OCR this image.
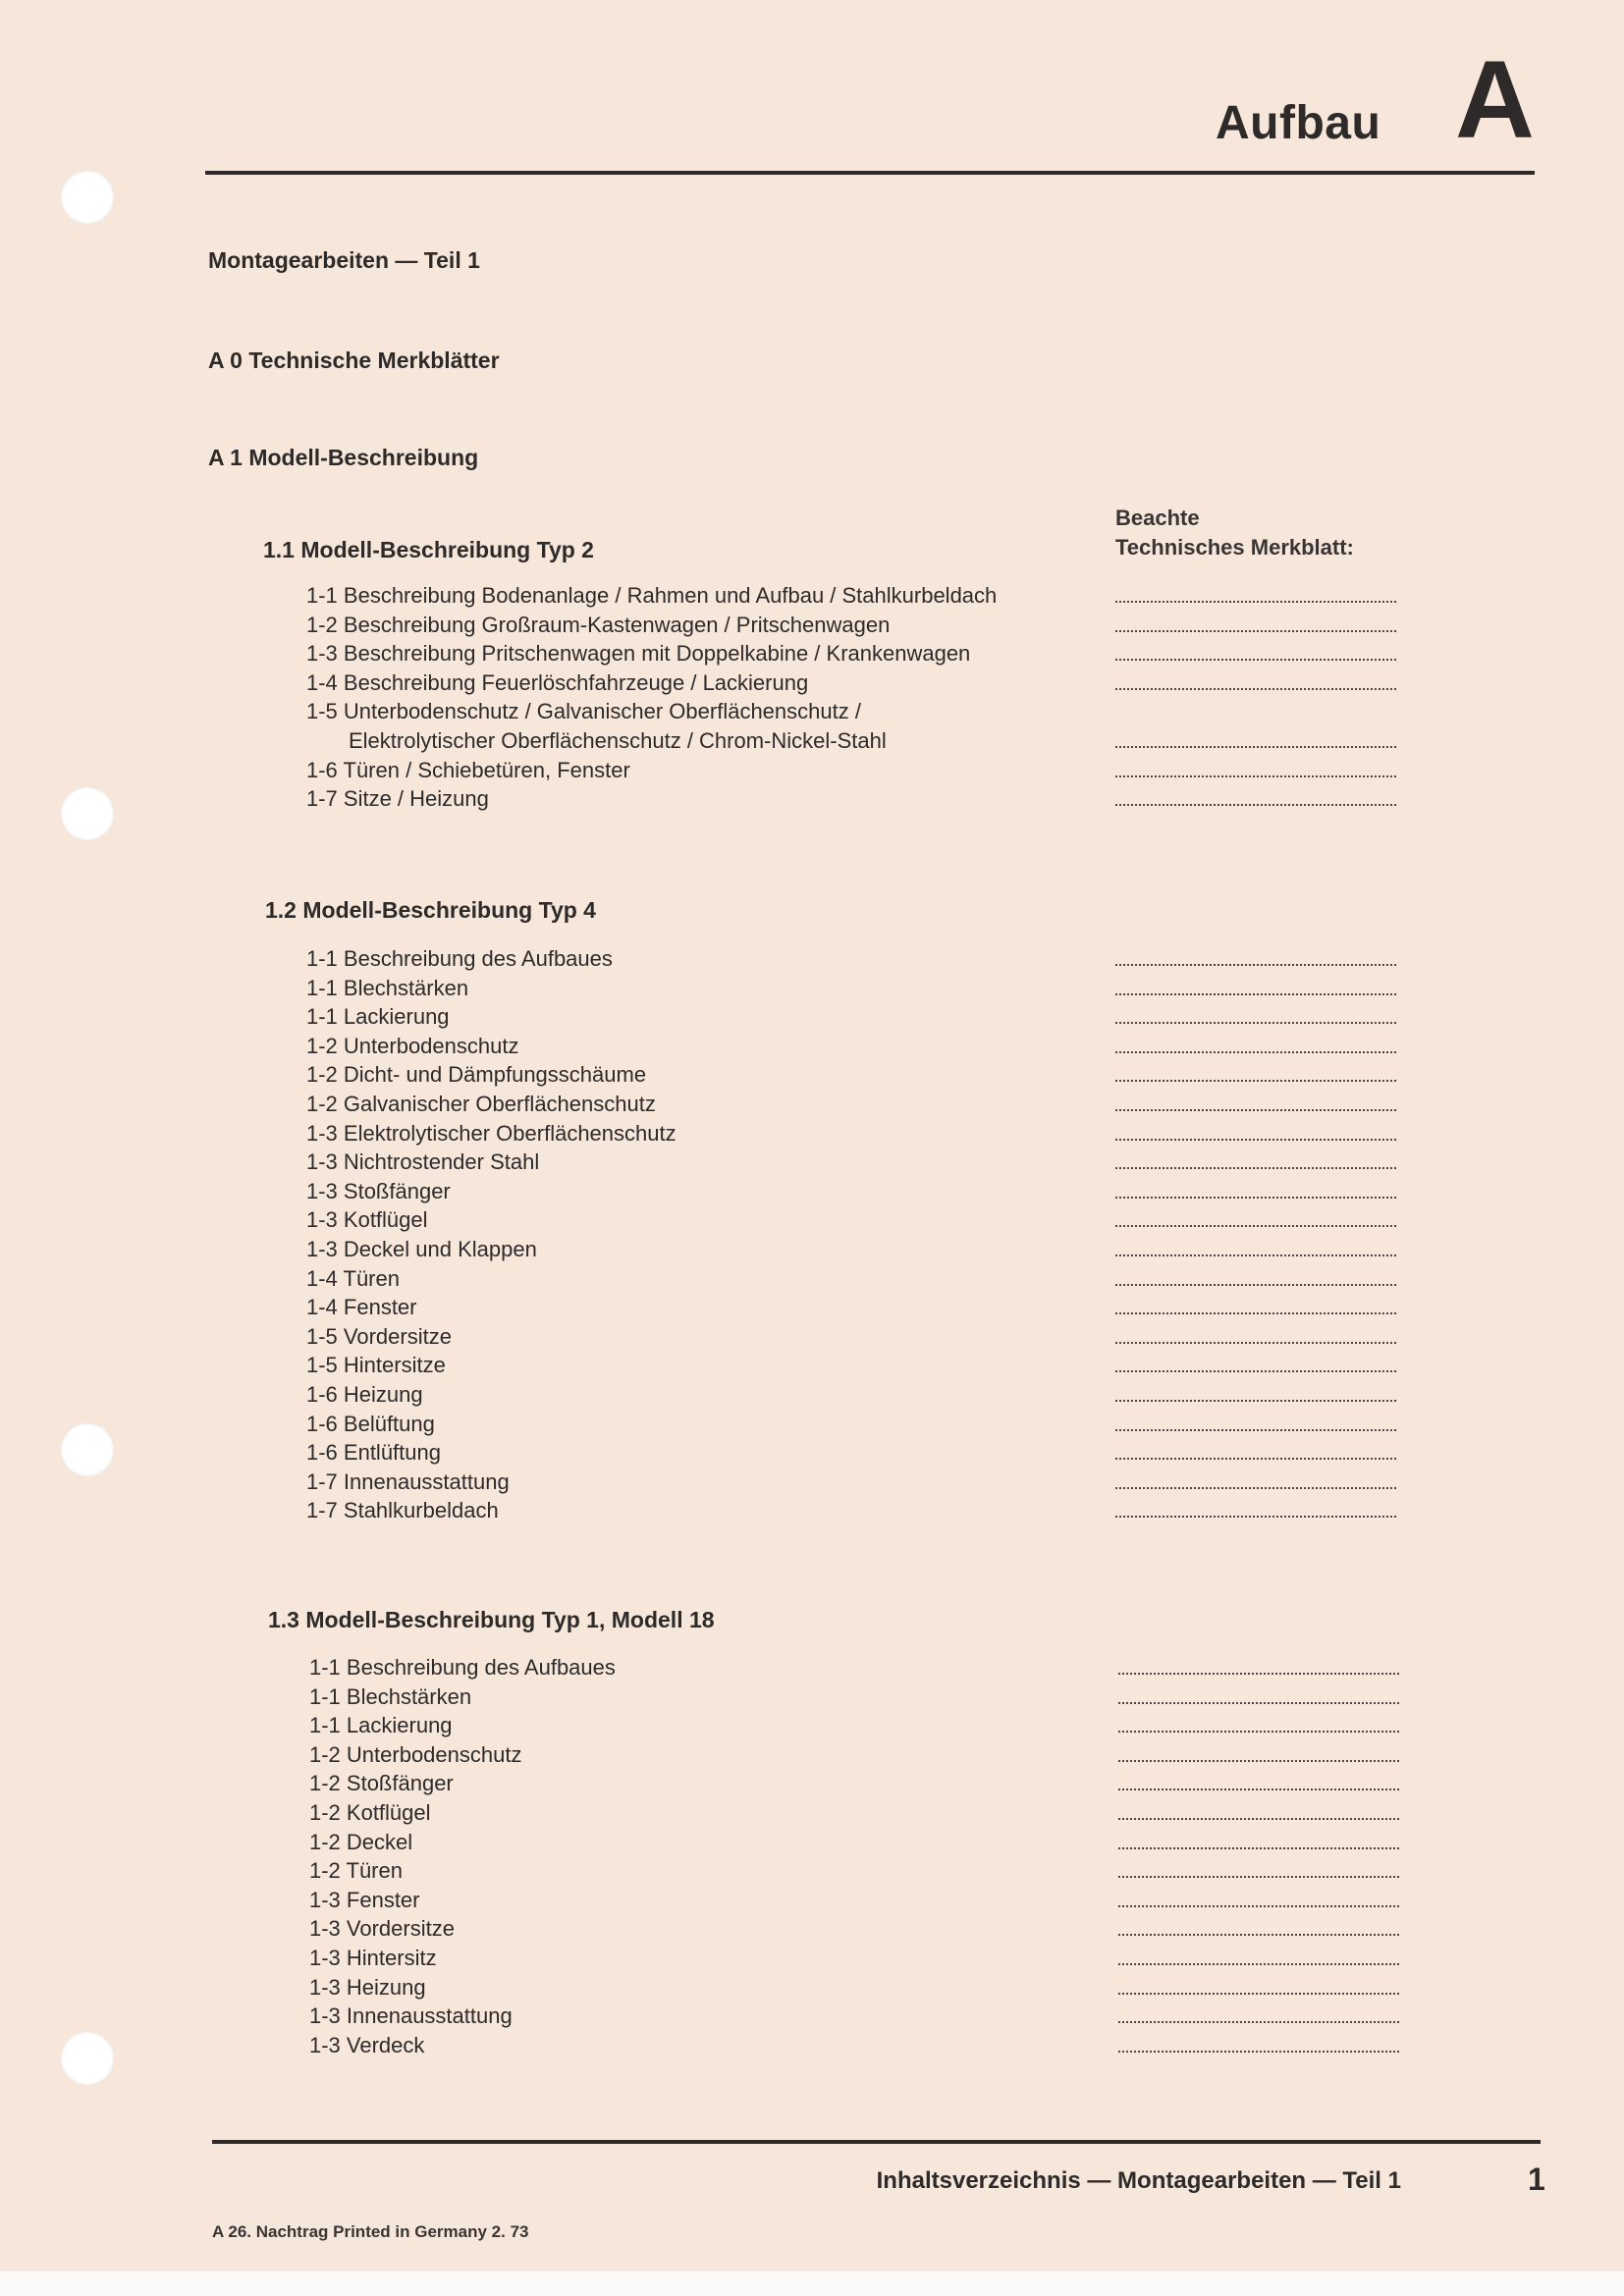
Aufbau A
Montagearbeiten — Teil 1
A 0 Technische Merkblätter
A 1 Modell-Beschreibung
Beachte
Technisches Merkblatt:
1.1 Modell-Beschreibung Typ 2
1-1 Beschreibung Bodenanlage / Rahmen und Aufbau / Stahlkurbeldach
1-2 Beschreibung Großraum-Kastenwagen / Pritschenwagen
1-3 Beschreibung Pritschenwagen mit Doppelkabine / Krankenwagen
1-4 Beschreibung Feuerlöschfahrzeuge / Lackierung
1-5 Unterbodenschutz / Galvanischer Oberflächenschutz /
Elektrolytischer Oberflächenschutz / Chrom-Nickel-Stahl
1-6 Türen / Schiebetüren, Fenster
1-7 Sitze / Heizung
1.2 Modell-Beschreibung Typ 4
1-1 Beschreibung des Aufbaues
1-1 Blechstärken
1-1 Lackierung
1-2 Unterbodenschutz
1-2 Dicht- und Dämpfungsschäume
1-2 Galvanischer Oberflächenschutz
1-3 Elektrolytischer Oberflächenschutz
1-3 Nichtrostender Stahl
1-3 Stoßfänger
1-3 Kotflügel
1-3 Deckel und Klappen
1-4 Türen
1-4 Fenster
1-5 Vordersitze
1-5 Hintersitze
1-6 Heizung
1-6 Belüftung
1-6 Entlüftung
1-7 Innenausstattung
1-7 Stahlkurbeldach
1.3 Modell-Beschreibung Typ 1, Modell 18
1-1 Beschreibung des Aufbaues
1-1 Blechstärken
1-1 Lackierung
1-2 Unterbodenschutz
1-2 Stoßfänger
1-2 Kotflügel
1-2 Deckel
1-2 Türen
1-3 Fenster
1-3 Vordersitze
1-3 Hintersitz
1-3 Heizung
1-3 Innenausstattung
1-3 Verdeck
Inhaltsverzeichnis — Montagearbeiten — Teil 1	1
A 26. Nachtrag Printed in Germany 2. 73
